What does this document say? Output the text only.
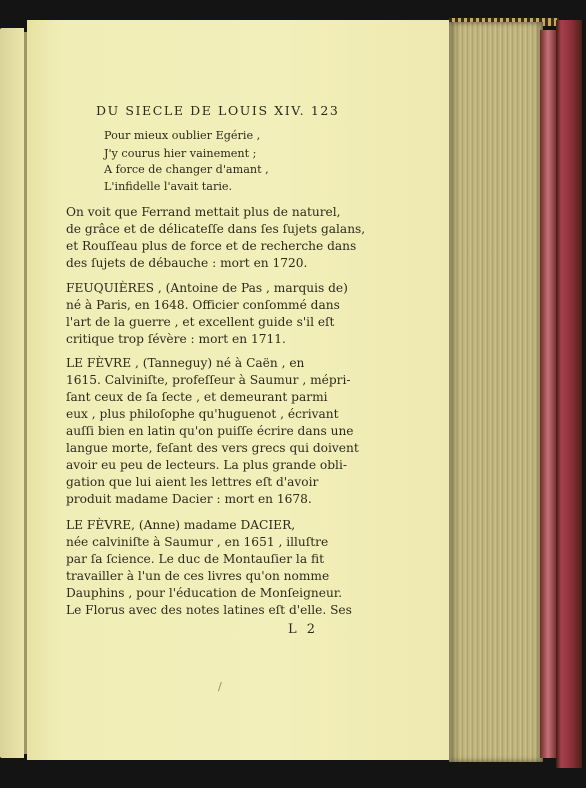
DU SIECLE DE LOUIS XIV. 123
Pour mieux oublier Egérie ,
J'y courus hier vainement ;
A force de changer d'amant ,
L'infidelle l'avait tarie.
On voit que Ferrand mettait plus de naturel,
de grâce et de délicateſſe dans ſes ſujets galans,
et Rouſſeau plus de force et de recherche dans
des ſujets de débauche : mort en 1720.
FEUQUIÈRES , (Antoine de Pas , marquis de)
né à Paris, en 1648. Officier conſommé dans
l'art de la guerre , et excellent guide s'il eſt
critique trop ſévère : mort en 1711.
LE FÈVRE , (Tanneguy) né à Caën , en
1615. Calviniſte, profeſſeur à Saumur , mépri-
ſant ceux de ſa ſecte , et demeurant parmi
eux , plus philoſophe qu'huguenot , écrivant
auſſi bien en latin qu'on puiſſe écrire dans une
langue morte, feſant des vers grecs qui doivent
avoir eu peu de lecteurs. La plus grande obli-
gation que lui aient les lettres eſt d'avoir
produit madame Dacier : mort en 1678.
LE FÈVRE, (Anne) madame DACIER,
née calviniſte à Saumur , en 1651 , illuſtre
par ſa ſcience. Le duc de Montauſier la fit
travailler à l'un de ces livres qu'on nomme
Dauphins , pour l'éducation de Monſeigneur.
Le Florus avec des notes latines eſt d'elle. Ses
L 2
/
